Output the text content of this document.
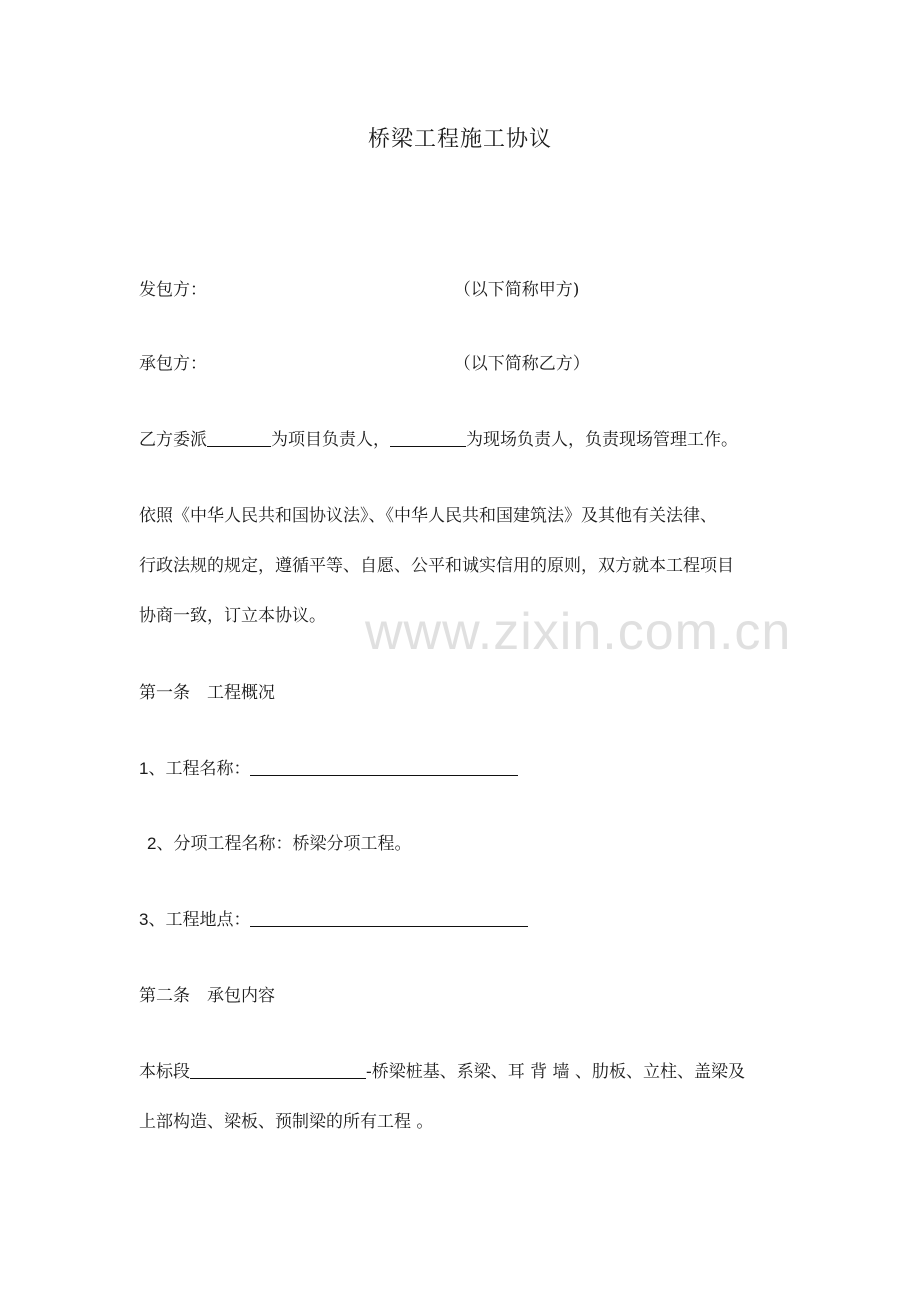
桥梁工程施工协议
发包方：	（以下简称甲方)
承包方：	（以下简称乙方）
乙方委派	为项目负责人，	为现场负责人，负责现场管理工作。
依照《中华人民共和国协议法》、《中华人民共和国建筑法》及其他有关法律、
行政法规的规定，遵循平等、自愿、公平和诚实信用的原则，双方就本工程项目
协商一致，订立本协议。
第一条　工程概况
1、工程名称：
2、分项工程名称：桥梁分项工程。
3、工程地点：
第二条　承包内容
本标段	-桥梁桩基、系梁、耳 背 墙 、肋板、立柱、盖梁及
上部构造、梁板、预制梁的所有工程 。
www.zixin.com.cn
